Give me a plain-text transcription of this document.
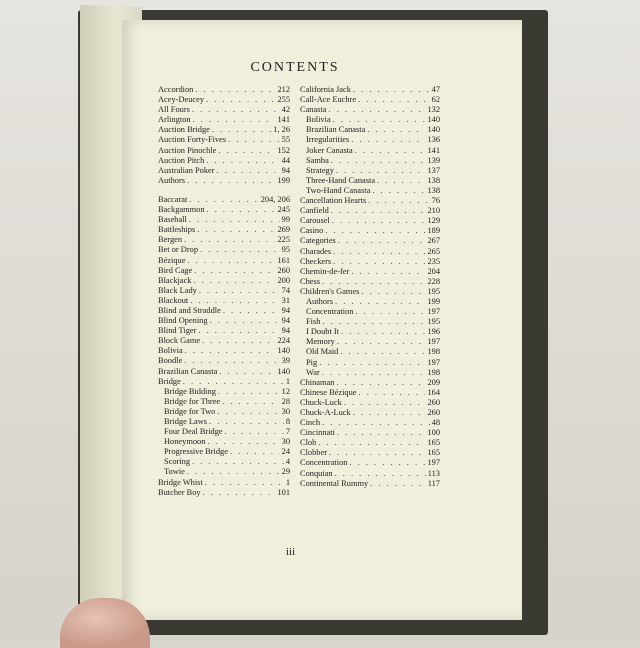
CONTENTS
Accordion . . .	212
Acey-Deucey . . .	255
All Fours . . .	42
Arlington . . .	141
Auction Bridge . . .	1, 26
Auction Forty-Fives . . .	55
Auction Pinochle . . .	152
Auction Pitch . . .	44
Australian Poker . . .	94
Authors . . .	199
Baccarat . . .	204, 206
Backgammon . . .	245
Baseball . . .	99
Battleships . . .	269
Bergen . . .	225
Bet or Drop . . .	95
Bézique . . .	161
Bird Cage . . .	260
Blackjack . . .	200
Black Lady . . .	74
Blackout . . .	31
Blind and Straddle . . .	94
Blind Opening . . .	94
Blind Tiger . . .	94
Block Game . . .	224
Bolivia . . .	140
Boodle . . .	39
Brazilian Canasta . . .	140
Bridge . . .	1
Bridge Bidding . . .	12
Bridge for Three . . .	28
Bridge for Two . . .	30
Bridge Laws . . .	8
Four Deal Bridge . . .	7
Honeymoon . . .	30
Progressive Bridge . . .	24
Scoring . . .	4
Towie . . .	29
Bridge Whist . . .	1
Butcher Boy . . .	101
California Jack . . .	47
Call-Ace Euchre . . .	62
Canasta . . .	132
Bolivia . . .	140
Brazilian Canasta . . .	140
Irregularities . . .	136
Joker Canasta . . .	141
Samba . . .	139
Strategy . . .	137
Three-Hand Canasta . . .	138
Two-Hand Canasta . . .	138
Cancellation Hearts . . .	76
Canfield . . .	210
Carousel . . .	129
Casino . . .	189
Categories . . .	267
Charades . . .	265
Checkers . . .	235
Chemin-de-fer . . .	204
Chess . . .	228
Children's Games . . .	195
Authors . . .	199
Concentration . . .	197
Fish . . .	195
I Doubt It . . .	196
Memory . . .	197
Old Maid . . .	198
Pig . . .	197
War . . .	198
Chinaman . . .	209
Chinese Bézique . . .	164
Chuck-Luck . . .	260
Chuck-A-Luck . . .	260
Cinch . . .	48
Cincinnati . . .	100
Clob . . .	165
Clobber . . .	165
Concentration . . .	197
Conquian . . .	113
Continental Rummy . . .	117
iii
